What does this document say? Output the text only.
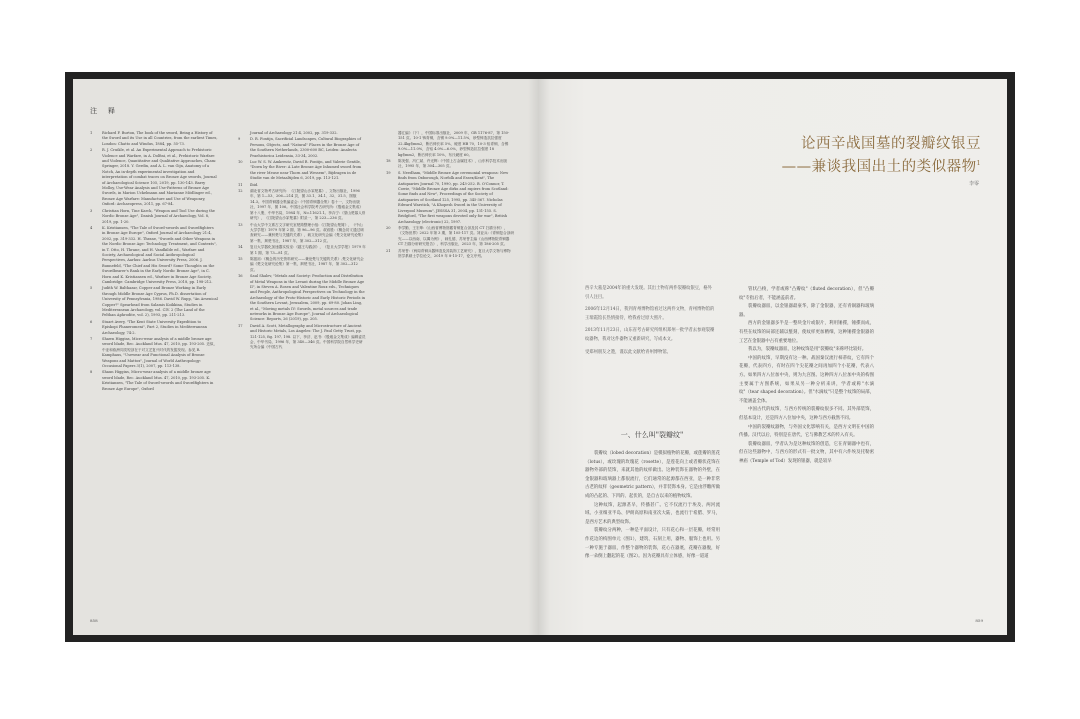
注　释
1	Richard F. Burton, The book of the sword, Being a History of the Sword and its Use in all Countries, from the earliest Times, London: Chatto and Windus, 1884, pp. 55-73.
2	R. J. Cruikle, et al. An Experimental Approach to Prehistoric Violence and Warfare, in A. Dolfini, et al., Prehistoric Warfare and Violence, Quantitative and Qualitative Approaches, Cham: Springer, 2018. Y. Gerdin, and A. L. van Gijn, Anatomy of a Notch, An in-depth experimental investigation and interpretation of combat traces on Bronze Age swords, Journal of Archaeological Science 105, 2019, pp. 130-143. Barry Molloy, Use-Wear Analysis and Use-Patterns of Bronze Age Swords, in Marion Uckelmann and Marianne Mödlinger ed., Bronze Age Warfare: Manufacture and Use of Weaponry, Oxford: Archaeopress, 2011, pp. 67-84.
3	Christian Horn, Tine Karck, "Weapon and Tool Use during the Nordic Bronze Age", Danish Journal of Archaeology, Vol. 8, 2019, pp. 1-20.
4	K. Kristiansen, "The Tale of Sword-swords and Swordfighters in Bronze Age Europe", Oxford Journal of Archaeology 21:4, 2002, pp. 319-332. H. Thrane, "Swords and Other Weapons in the Nordic Bronze Age: Technology, Treatment, and Contexts", in T. Otto, H. Thrane, and H. Vandkilde ed., Warfare and Society, Archaeological and Social Anthropological Perspectives, Aarhus: Aarhus University Press, 2006. J. Bunnefeld, "The Chief and His Sword? Some Thoughts on the Swordbearer's Rank in the Early Nordic Bronze Age", in C. Horn and K. Kristiansen ed., Warfare in Bronze Age Society, Cambridge: Cambridge University Press, 2018, pp. 198-212.
5	Judith W. Balthazar, Copper and Bronze Working in Early through Middle Bronze Age Cyprus, Ph.D. dissertation of University of Pennsylvania, 1986. David W. Rupp, "An Arsenical Copper?" Spearhead from Salamis Koikkina, Studies in Mediterranean Archaeology, vol. CIV. 2 (The Land of the Pelthan Aphrodite, vol. 2), 1993, pp. 211-213.
6	Stuart Avery, "The Kent State University Expedition to Episkopi Phaneromeni", Part 2, Studies in Mediterranean Archaeology, 74:2.
7	Shawn Higgins, Micro-wear analysis of a middle bronze age sword blade, Rec. Auckland Mus. 47, 2010, pp. 193-205. 近似，中亚和欧洲同类短剑在于对文艺复兴时代的发掘发现。参见 R. Kamphaus, "Usewear and Functional Analysis of Bronze Weapons and Mattox", Journal of World Anthropology: Occasional Papers 3(1), 2007, pp. 113-138.
8	Shaun Higgins, Micro-wear analysis of a middle bronze age sword blade, Rec. Auckland Mus. 47, 2010, pp. 193-205. K. Kristiansen, "The Tale of Sword-swords and Swordfighters in Bronze Age Europe", Oxford
Journal of Archaeology 21:4, 2002, pp. 319-332.
9	D. R. Fontijn, Sacrificial Landscapes, Cultural Biographies of Persons, Objects, and "Natural" Places in the Bronze Age of the Southern Netherlands, 2300-600 BC, Leiden: Analecta Praehistorica Leidensia, 33-34, 2002.
10	Luc W. S. W. Amkreutz, David R. Fontijn, and Valerie Gentile, "Down by the River: A Late Bronze Age Inhumed sword from the river Meuse near Thorn and Wessem", Bijdragen in de Studie van de Metaaltijden 6, 2019, pp. 113-121.
11	Ibid.
12	湖北省文物考古研究所：《江陵望山沙冢楚墓》，文物出版社，1996 年，第 1—53、206—214 页，图 33.1、34.1、32、31.5、图版 14.3。中国青铜器全集编委会:《中国青铜器全集》卷十一，文物出版社，1997 年，图 106。中国社会科学院考古研究所:《殷墟金文集成》第十八册，中华书局，1984 年，No.11621.1。李卉宁:《望山楚墓人骨研究》，《江陵望山沙冢楚墓》附录一，第 223—236 页。
13	中山大学中文系古文字研究室楚简整理小组:《江陵望山楚简》，《中山大学学报》1979 年第 2 期，第 96—96 页。叔叙胜:《概念初义通过调查研究——兼析楚与关键的关系》，载文化研究会编《楚文化研究论集》第一集，荆楚书社，1987 年，第 302—312 页。
14	复旦大学器化加速器实验室:《越王勾践剑》，《复旦大学学报》1979 年第 1 期，第 73—81 页。
15	陈振裕:《概念的历史资料研究——兼论楚与关键的关系》,楚文化研究会编《楚文化研究论集》第一集，荆楚书社，1987 年，第 302—312 页。
16	Saul Shalev, "Metals and Society: Production and Distribution of Metal Weapons in the Levant during the Middle Bronze Age II", in Steven A. Rosen and Valentine Roux eds., Techniques and People, Anthropological Perspectives on Technology in the Archaeology of the Proto-Historic and Early Historic Periods in the Southern Levant, Jerusalem, 2009, pp. 69-80. Johan Ling, et al., "Moving metals IV: Swords, metal sources and trade networks in Bronze Age Europe", Journal of Archaeological Science: Reports, 26 (2019), pp. 205.
17	David A. Scott, Metallography and Microstructure of Ancient and Historic Metals, Los Angeles: The J. Paul Getty Trust, pp. 121-125, fig. 197, 198. 以下，李济、赵书:《殷墟金文集成》编辑委员会，中华书局，1996 年，第 340—346 页。中国科学院自然科学史研究所合编《中国古代
器汇编》（下），中国标准出版社，2009 年，GB 1176-87，第 150-151 页。10-1 铸青铜，含锡 9.0%—11.5%，砂型铸造抗拉强度 22.4kgf/mm2，断后伸长率 5%，硬度 HB 70，10-3 铝青铜，含锡 9.0%—11.0%，含铝 4.0%—6.0%，砂型铸造抗拉强度 18 kgf/mm2，断后伸长率 10%，布氏硬度 60。
18	陈美强、冯仁斌、许光辉:《中国上古金属技术》，山东科学技术出版社，1995 年，第 304—305 页。
19	S. Needham, "Middle Bronze Age ceremonial weapons: New finds from Oxborough, Norfolk and Essex/Kent", The Antiquaries Journal 70, 1990, pp. 243-252. B. O'Connor, T. Cowie, "Middle Bronze Age dirks and rapiers from Scotland: Some finds and New", Proceedings of the Society of Antiquaries of Scotland 125, 1995, pp. 345-367. Nicholas Edward Warstick, "A Khopesh Sword in the University of Liverpool Museum", JESSSA 31, 2004, pp. 131-155. S. Bridgford, "The first weapons devoted only for war", British Archaeology (electronic) 22, 1997.
20	李学勤、王宏坤:《山西省博物馆藏青铜复合剑及其 CT 扫描分析》，《文物世界》2022 年第 3 期，第 105-117 页。刘亚兵:《青铜复合剑研究——以西南、以冀为例》，载孔德、苏荣誉主编《山西博物院青铜器 CT 扫描分析研究报告》，科学出版社，2023 年，第 186-205 页。
21	苏荣誉:《两周青铜兵器铸造及其装饰工艺研究》，复旦大学文物与博物馆学系硕士学位论文，2019 年 8-15-17，论文序列。
858
论西辛战国墓的裂瓣纹银豆
——兼谈我国出土的类似器物$^1$
李零

西辛大墓是2004年的重大发现。其出土物有两件裂瓣纹银豆，格外引人注目。

2006年12月14日，我到青州博物馆看过这两件文物，青州博物馆的王瑞霞馆长热情接待，给我看过原大照片。

2013年11月23日，山东省考古研究所组织郑州一批学者去参观裂瓣纹器物，我对这件器物又重新研究，写成本文。

受郑州朋友之邀，谨以此文献给青州博物馆。

一、什么叫"裂瓣纹"

裂瓣纹（lobed decoration）是模拟植物的花瓣，或莲瓣的莲花（lotus），或玫瑰的玫瑰花（rosette），是莲花向上或者瓣状花饰在器物外部的装饰，来就其他的纹样做出。这种装饰在器物的外壁，在金银器和玻璃器上都很流行，它们通常的起源都在西亚，是一种非常古老的纹样（geometric pattern），并非装饰本身。它是由浮雕所做成的凸起的、下凹的、起伏的，是自古以来的植物纹饰。

这种纹饰，起源甚早，传播甚广。它不仅流行于埃及、两河流域、小亚细亚半岛、伊朗高原和南亚次大陆，也流行于希腊、罗马，是西方艺术的典型纹饰。

裂瓣纹分两种，一种是平面设计，只有花心和一层花瓣，经常用作花边的构图单元（图1），建筑、石刻上用，器物、服饰上也用。另一种专施于器皿，作整个器物的装饰，花心在器底，花瓣在器腹，好像一朵倒上翻起的花（图2）。因为花瓣具有立体感，好像一道道

管状凸棱，学者或称"凸瓣纹"（fluted decoration），但"凸瓣纹"专指后者，不能涵盖前者。

裂瓣纹器皿，以金银器最豪华，除了金银器，还有青铜器和玻璃器。

西方的金银器多半是一整块金片或银片，利用锤揲，锤揲而成，有些在纹饰的局部还辅以錾刻，使纹样更加精细，这种锤揲金银器的工艺在金银器中占有重要地位。

我以为，裂瓣纹器皿，这种纹饰是用"裂瓣纹"来称呼比较好。

中国的纹饰，早期没有这一种。战国秦汉流行柿蒂纹，它有四个花瓣，代表四方，有时在四个尖花瓣之间再加四个小花瓣，代表八方。如果四方八位加中央，则为九宫图。这种四方八位加中央的构图主要属于方图系统，如果从另一种分析来讲，学者或称"水滴纹"（tear shaped decoration）。但"水滴纹"只是整个纹饰的局部，不能涵盖全体。

中国古代的纹饰，与西方传统的裂瓣纹很多不同。其外部装饰，但基本设计，还是四方八位加中央，这种与西方截然不同。

中国的裂瓣纹器物，与外国文化影响有关，是西方文明在中国的传播。汉代以后，特别是在唐代，它与佛教艺术的传入有关。

裂瓣纹器皿，学者认为是这种纹饰的创造，它在青铜器中也有，但在这些器物中，与西方的形式有一批文物，其中有六件埃及托勒密神庙（Temple of Tod）发现的银器，就是较早

859
